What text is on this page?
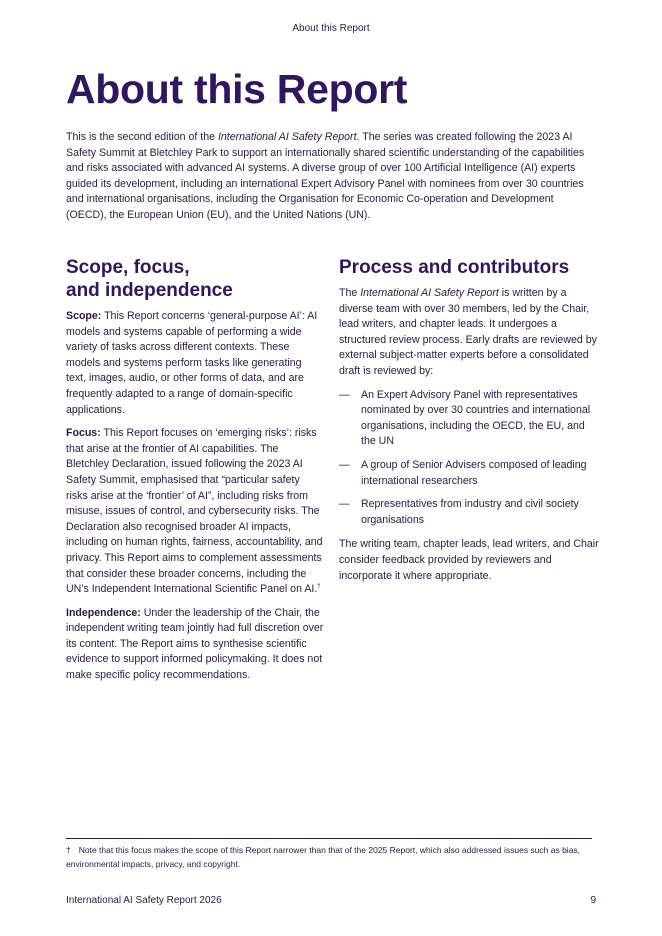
About this Report
About this Report

This is the second edition of the International AI Safety Report. The series was created following the 2023 AI Safety Summit at Bletchley Park to support an internationally shared scientific understanding of the capabilities and risks associated with advanced AI systems. A diverse group of over 100 Artificial Intelligence (AI) experts guided its development, including an international Expert Advisory Panel with nominees from over 30 countries and international organisations, including the Organisation for Economic Co-operation and Development (OECD), the European Union (EU), and the United Nations (UN).

Scope, focus,
and independence

Scope: This Report concerns ‘general-purpose AI’: AI models and systems capable of performing a wide variety of tasks across different contexts. These models and systems perform tasks like generating text, images, audio, or other forms of data, and are frequently adapted to a range of domain-specific applications.

Focus: This Report focuses on ‘emerging risks’: risks that arise at the frontier of AI capabilities. The Bletchley Declaration, issued following the 2023 AI Safety Summit, emphasised that “particular safety risks arise at the ‘frontier’ of AI”, including risks from misuse, issues of control, and cybersecurity risks. The Declaration also recognised broader AI impacts, including on human rights, fairness, accountability, and privacy. This Report aims to complement assessments that consider these broader concerns, including the UN’s Independent International Scientific Panel on AI.†

Independence: Under the leadership of the Chair, the independent writing team jointly had full discretion over its content. The Report aims to synthesise scientific evidence to support informed policymaking. It does not make specific policy recommendations.

Process and contributors

The International AI Safety Report is written by a diverse team with over 30 members, led by the Chair, lead writers, and chapter leads. It undergoes a structured review process. Early drafts are reviewed by external subject-matter experts before a consolidated draft is reviewed by:

— An Expert Advisory Panel with representatives nominated by over 30 countries and international organisations, including the OECD, the EU, and the UN
— A group of Senior Advisers composed of leading international researchers
— Representatives from industry and civil society organisations

The writing team, chapter leads, lead writers, and Chair consider feedback provided by reviewers and incorporate it where appropriate.

† Note that this focus makes the scope of this Report narrower than that of the 2025 Report, which also addressed issues such as bias, environmental impacts, privacy, and copyright.

International AI Safety Report 2026	9
